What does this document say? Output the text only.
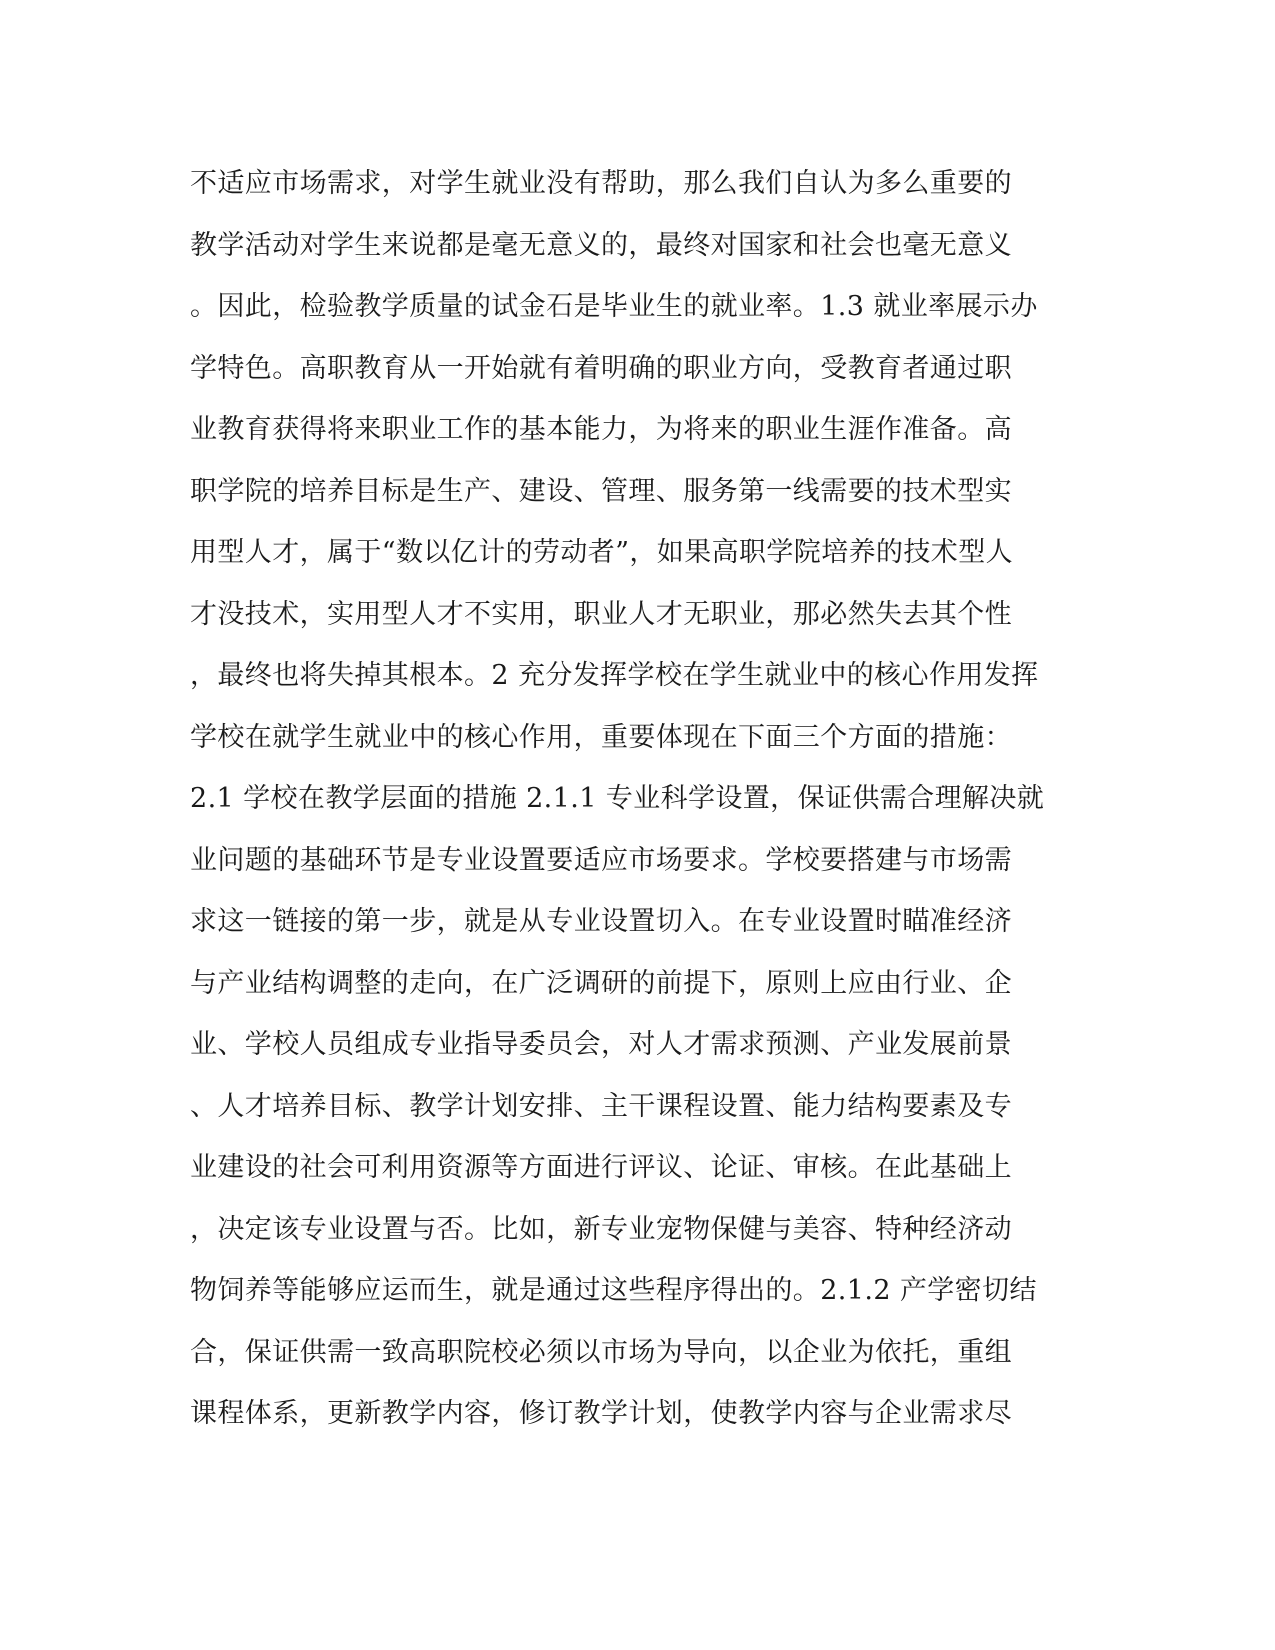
不适应市场需求，对学生就业没有帮助，那么我们自认为多么重要的
教学活动对学生来说都是毫无意义的，最终对国家和社会也毫无意义
。因此，检验教学质量的试金石是毕业生的就业率。1.3 就业率展示办
学特色。高职教育从一开始就有着明确的职业方向，受教育者通过职
业教育获得将来职业工作的基本能力，为将来的职业生涯作准备。高
职学院的培养目标是生产、建设、管理、服务第一线需要的技术型实
用型人才，属于“数以亿计的劳动者”，如果高职学院培养的技术型人
才没技术，实用型人才不实用，职业人才无职业，那必然失去其个性
，最终也将失掉其根本。2 充分发挥学校在学生就业中的核心作用发挥
学校在就学生就业中的核心作用，重要体现在下面三个方面的措施：
2.1 学校在教学层面的措施 2.1.1 专业科学设置，保证供需合理解决就
业问题的基础环节是专业设置要适应市场要求。学校要搭建与市场需
求这一链接的第一步，就是从专业设置切入。在专业设置时瞄准经济
与产业结构调整的走向，在广泛调研的前提下，原则上应由行业、企
业、学校人员组成专业指导委员会，对人才需求预测、产业发展前景
、人才培养目标、教学计划安排、主干课程设置、能力结构要素及专
业建设的社会可利用资源等方面进行评议、论证、审核。在此基础上
，决定该专业设置与否。比如，新专业宠物保健与美容、特种经济动
物饲养等能够应运而生，就是通过这些程序得出的。2.1.2 产学密切结
合，保证供需一致高职院校必须以市场为导向，以企业为依托，重组
课程体系，更新教学内容，修订教学计划，使教学内容与企业需求尽
